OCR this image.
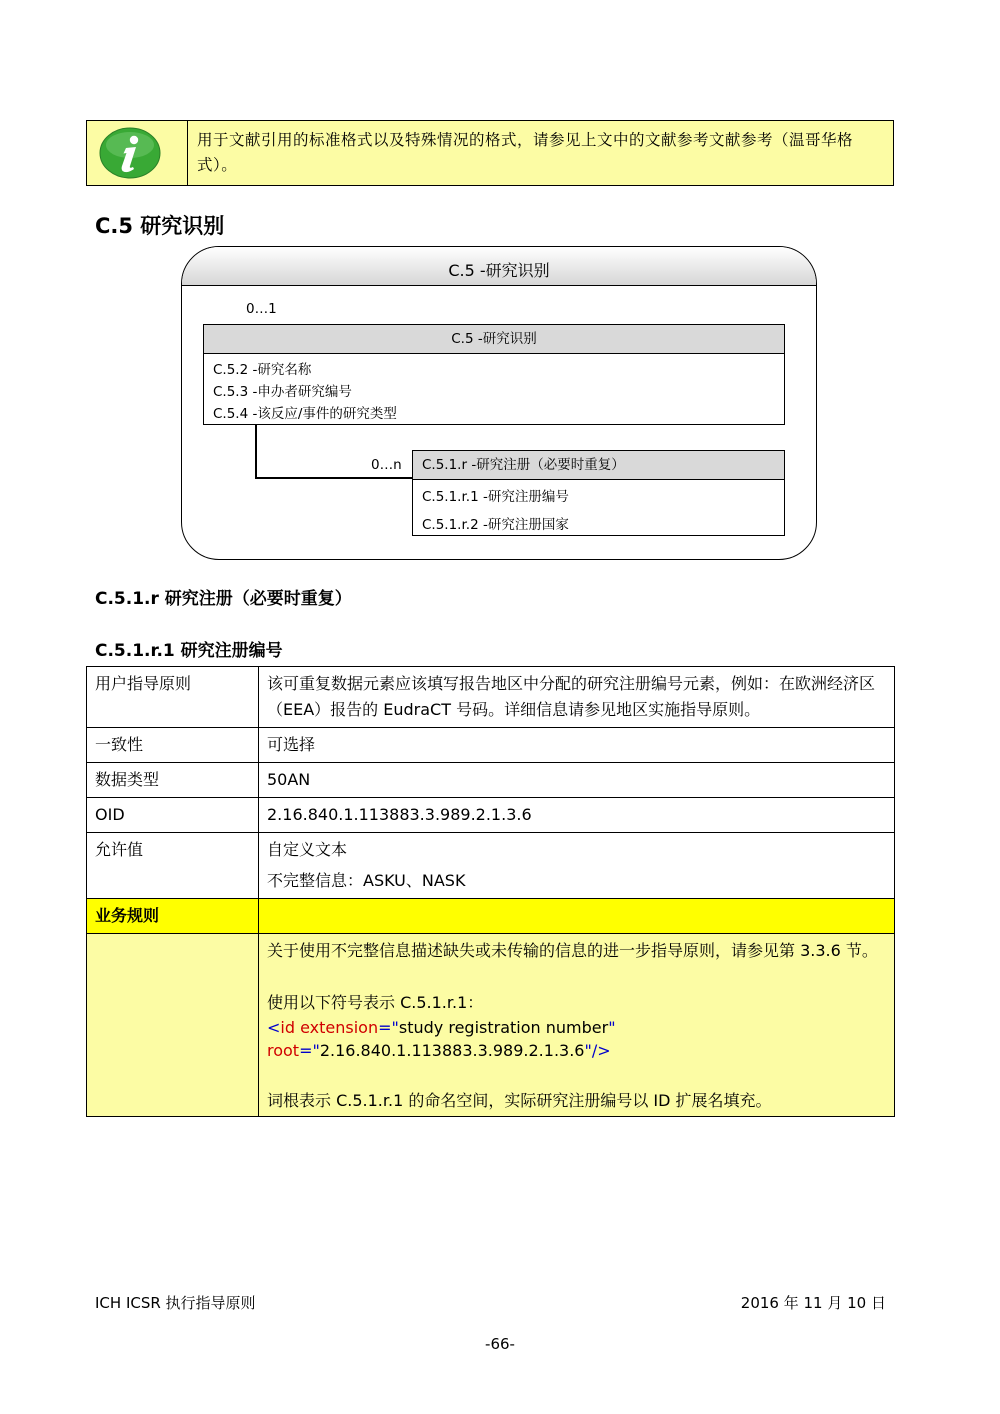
用于文献引用的标准格式以及特殊情况的格式，请参见上文中的文献参考文献参考（温哥华格式）。
C.5 研究识别
C.5 -研究识别
0…1
C.5 -研究识别
C.5.2 -研究名称
C.5.3 -申办者研究编号
C.5.4 -该反应/事件的研究类型
0…n	C.5.1.r -研究注册（必要时重复）
C.5.1.r.1 -研究注册编号
C.5.1.r.2 -研究注册国家
C.5.1.r 研究注册（必要时重复）
C.5.1.r.1 研究注册编号
用户指导原则	该可重复数据元素应该填写报告地区中分配的研究注册编号元素，例如：在欧洲经济区（EEA）报告的 EudraCT 号码。详细信息请参见地区实施指导原则。
一致性	可选择
数据类型	50AN
OID	2.16.840.1.113883.3.989.2.1.3.6
允许值	自定义文本
不完整信息：ASKU、NASK

业务规则	

	关于使用不完整信息描述缺失或未传输的信息的进一步指导原则，请参见第 3.3.6 节。
使用以下符号表示 C.5.1.r.1：
<id extension="study registration number"
root="2.16.840.1.113883.3.989.2.1.3.6"/>
词根表示 C.5.1.r.1 的命名空间，实际研究注册编号以 ID 扩展名填充。
ICH ICSR 执行指导原则	2016 年 11 月 10 日
-66-
